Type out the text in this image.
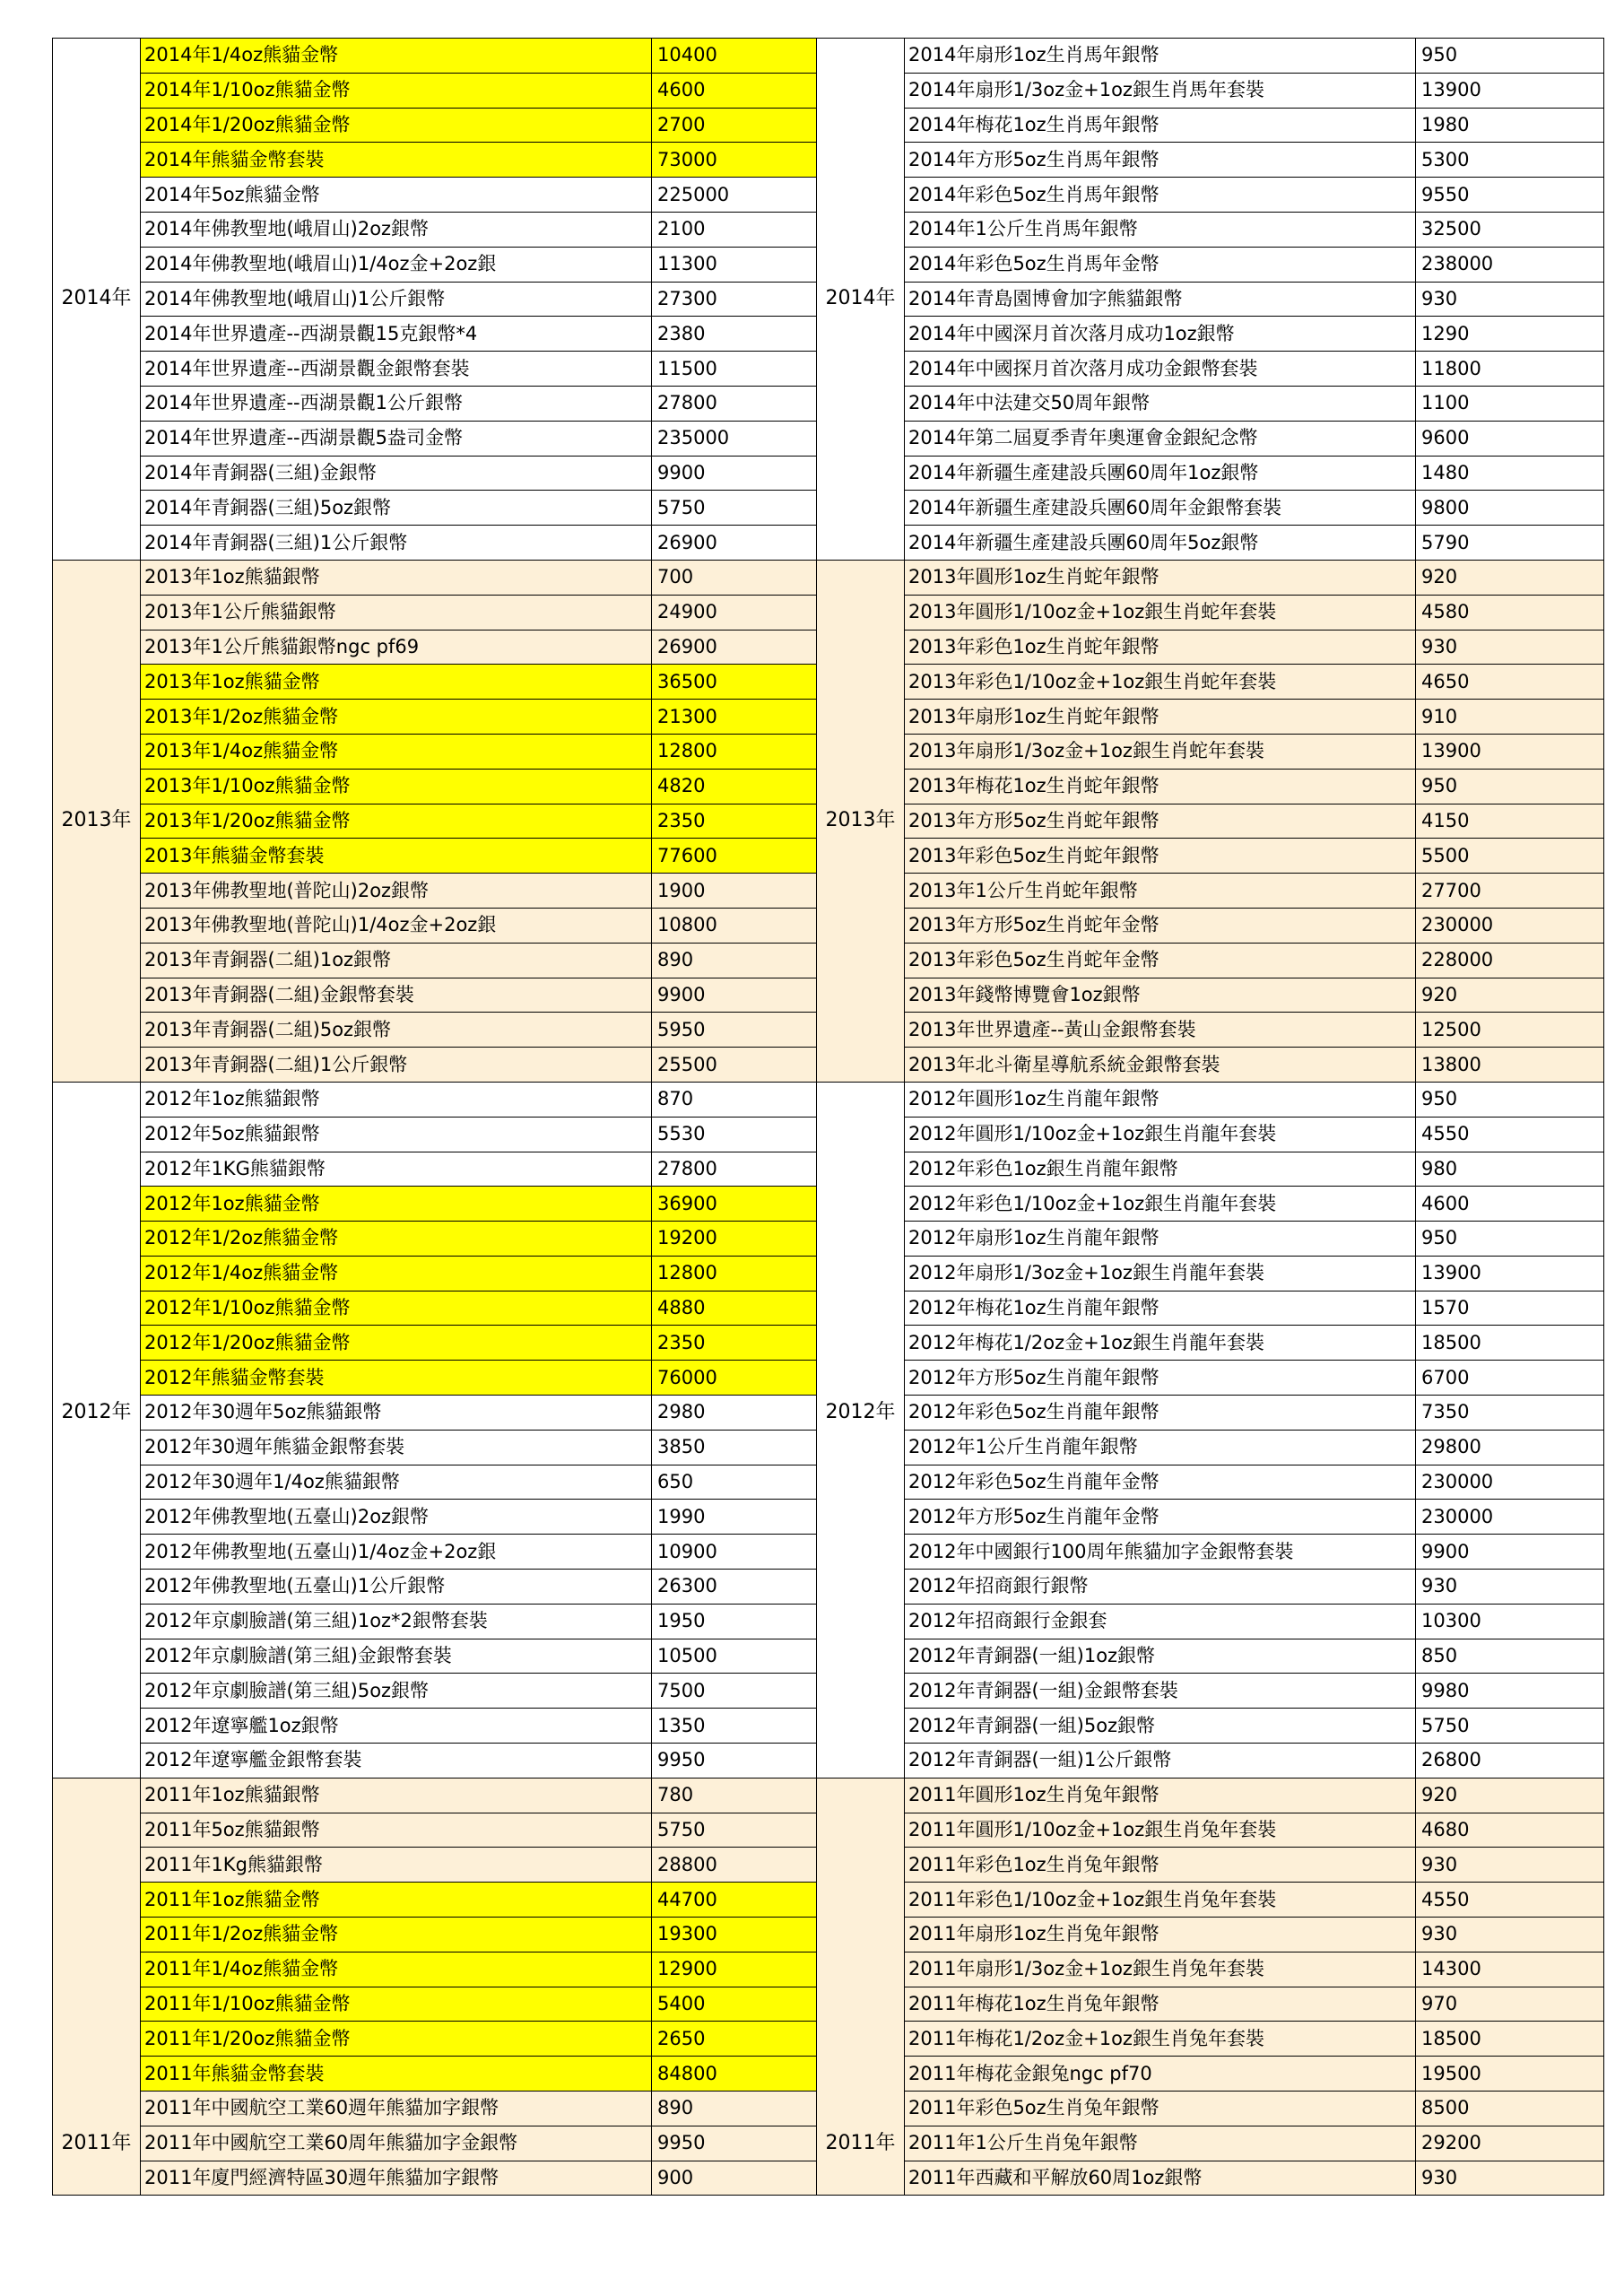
	2014年1/4oz熊貓金幣	10400
	2014年1/10oz熊貓金幣	4600
	2014年1/20oz熊貓金幣	2700
	2014年熊貓金幣套裝	73000
	2014年5oz熊貓金幣	225000
	2014年佛教聖地(峨眉山)2oz銀幣	2100
	2014年佛教聖地(峨眉山)1/4oz金+2oz銀	11300
2014年	2014年佛教聖地(峨眉山)1公斤銀幣	27300
	2014年世界遺產--西湖景觀15克銀幣*4	2380
	2014年世界遺產--西湖景觀金銀幣套裝	11500
	2014年世界遺產--西湖景觀1公斤銀幣	27800
	2014年世界遺產--西湖景觀5盎司金幣	235000
	2014年青銅器(三組)金銀幣	9900
	2014年青銅器(三組)5oz銀幣	5750
	2014年青銅器(三組)1公斤銀幣	26900
	2013年1oz熊貓銀幣	700
	2013年1公斤熊貓銀幣	24900
	2013年1公斤熊貓銀幣ngc pf69	26900
	2013年1oz熊貓金幣	36500
	2013年1/2oz熊貓金幣	21300
	2013年1/4oz熊貓金幣	12800
	2013年1/10oz熊貓金幣	4820
2013年	2013年1/20oz熊貓金幣	2350
	2013年熊貓金幣套裝	77600
	2013年佛教聖地(普陀山)2oz銀幣	1900
	2013年佛教聖地(普陀山)1/4oz金+2oz銀	10800
	2013年青銅器(二組)1oz銀幣	890
	2013年青銅器(二組)金銀幣套裝	9900
	2013年青銅器(二組)5oz銀幣	5950
	2013年青銅器(二組)1公斤銀幣	25500
	2012年1oz熊貓銀幣	870
	2012年5oz熊貓銀幣	5530
	2012年1KG熊貓銀幣	27800
	2012年1oz熊貓金幣	36900
	2012年1/2oz熊貓金幣	19200
	2012年1/4oz熊貓金幣	12800
	2012年1/10oz熊貓金幣	4880
	2012年1/20oz熊貓金幣	2350
	2012年熊貓金幣套裝	76000
2012年	2012年30週年5oz熊貓銀幣	2980
	2012年30週年熊貓金銀幣套裝	3850
	2012年30週年1/4oz熊貓銀幣	650
	2012年佛教聖地(五臺山)2oz銀幣	1990
	2012年佛教聖地(五臺山)1/4oz金+2oz銀	10900
	2012年佛教聖地(五臺山)1公斤銀幣	26300
	2012年京劇臉譜(第三組)1oz*2銀幣套裝	1950
	2012年京劇臉譜(第三組)金銀幣套裝	10500
	2012年京劇臉譜(第三組)5oz銀幣	7500
	2012年遼寧艦1oz銀幣	1350
	2012年遼寧艦金銀幣套裝	9950
	2011年1oz熊貓銀幣	780
	2011年5oz熊貓銀幣	5750
	2011年1Kg熊貓銀幣	28800
	2011年1oz熊貓金幣	44700
	2011年1/2oz熊貓金幣	19300
	2011年1/4oz熊貓金幣	12900
	2011年1/10oz熊貓金幣	5400
	2011年1/20oz熊貓金幣	2650
	2011年熊貓金幣套裝	84800
	2011年中國航空工業60週年熊貓加字銀幣	890
2011年	2011年中國航空工業60周年熊貓加字金銀幣	9950
	2011年廈門經濟特區30週年熊貓加字銀幣	900
	2014年扇形1oz生肖馬年銀幣	950
	2014年扇形1/3oz金+1oz銀生肖馬年套裝	13900
	2014年梅花1oz生肖馬年銀幣	1980
	2014年方形5oz生肖馬年銀幣	5300
	2014年彩色5oz生肖馬年銀幣	9550
	2014年1公斤生肖馬年銀幣	32500
	2014年彩色5oz生肖馬年金幣	238000
2014年	2014年青島園博會加字熊貓銀幣	930
	2014年中國深月首次落月成功1oz銀幣	1290
	2014年中國探月首次落月成功金銀幣套裝	11800
	2014年中法建交50周年銀幣	1100
	2014年第二屆夏季青年奧運會金銀紀念幣	9600
	2014年新疆生產建設兵團60周年1oz銀幣	1480
	2014年新疆生產建設兵團60周年金銀幣套裝	9800
	2014年新疆生產建設兵團60周年5oz銀幣	5790
	2013年圓形1oz生肖蛇年銀幣	920
	2013年圓形1/10oz金+1oz銀生肖蛇年套裝	4580
	2013年彩色1oz生肖蛇年銀幣	930
	2013年彩色1/10oz金+1oz銀生肖蛇年套裝	4650
	2013年扇形1oz生肖蛇年銀幣	910
	2013年扇形1/3oz金+1oz銀生肖蛇年套裝	13900
	2013年梅花1oz生肖蛇年銀幣	950
2013年	2013年方形5oz生肖蛇年銀幣	4150
	2013年彩色5oz生肖蛇年銀幣	5500
	2013年1公斤生肖蛇年銀幣	27700
	2013年方形5oz生肖蛇年金幣	230000
	2013年彩色5oz生肖蛇年金幣	228000
	2013年錢幣博覽會1oz銀幣	920
	2013年世界遺產--黃山金銀幣套裝	12500
	2013年北斗衛星導航系統金銀幣套裝	13800
	2012年圓形1oz生肖龍年銀幣	950
	2012年圓形1/10oz金+1oz銀生肖龍年套裝	4550
	2012年彩色1oz銀生肖龍年銀幣	980
	2012年彩色1/10oz金+1oz銀生肖龍年套裝	4600
	2012年扇形1oz生肖龍年銀幣	950
	2012年扇形1/3oz金+1oz銀生肖龍年套裝	13900
	2012年梅花1oz生肖龍年銀幣	1570
	2012年梅花1/2oz金+1oz銀生肖龍年套裝	18500
	2012年方形5oz生肖龍年銀幣	6700
2012年	2012年彩色5oz生肖龍年銀幣	7350
	2012年1公斤生肖龍年銀幣	29800
	2012年彩色5oz生肖龍年金幣	230000
	2012年方形5oz生肖龍年金幣	230000
	2012年中國銀行100周年熊貓加字金銀幣套裝	9900
	2012年招商銀行銀幣	930
	2012年招商銀行金銀套	10300
	2012年青銅器(一組)1oz銀幣	850
	2012年青銅器(一組)金銀幣套裝	9980
	2012年青銅器(一組)5oz銀幣	5750
	2012年青銅器(一組)1公斤銀幣	26800
	2011年圓形1oz生肖兔年銀幣	920
	2011年圓形1/10oz金+1oz銀生肖兔年套裝	4680
	2011年彩色1oz生肖兔年銀幣	930
	2011年彩色1/10oz金+1oz銀生肖兔年套裝	4550
	2011年扇形1oz生肖兔年銀幣	930
	2011年扇形1/3oz金+1oz銀生肖兔年套裝	14300
	2011年梅花1oz生肖兔年銀幣	970
	2011年梅花1/2oz金+1oz銀生肖兔年套裝	18500
	2011年梅花金銀兔ngc pf70	19500
	2011年彩色5oz生肖兔年銀幣	8500
2011年	2011年1公斤生肖兔年銀幣	29200
	2011年西藏和平解放60周1oz銀幣	930
